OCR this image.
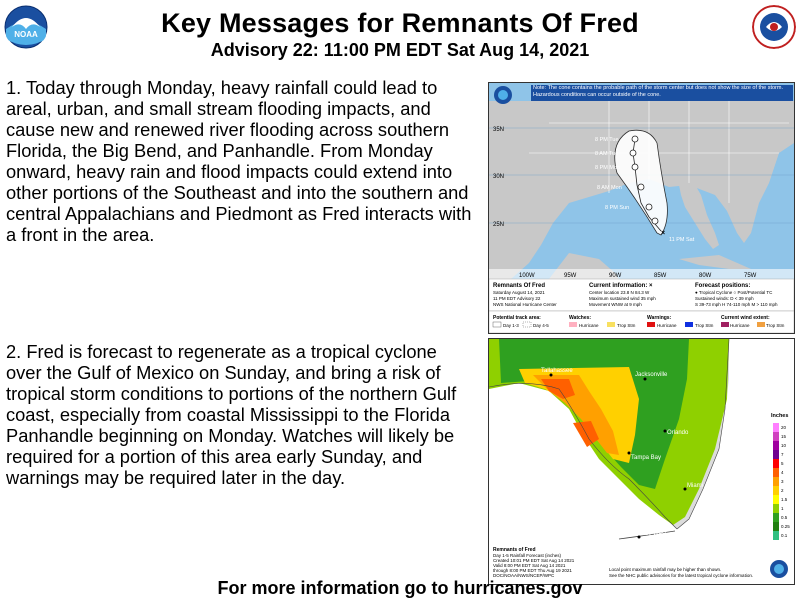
NOAA	Key Messages for Remnants Of Fred
Advisory 22: 11:00 PM EDT Sat Aug 14, 2021
1. Today through Monday, heavy rainfall could lead to areal, urban, and small stream flooding impacts, and cause new and renewed river flooding across southern Florida, the Big Bend, and Panhandle. From Monday onward, heavy rain and flood impacts could extend into other portions of the Southeast and into the southern and central Appalachians and Piedmont as Fred interacts with a front in the area.
2. Fred is forecast to regenerate as a tropical cyclone over the Gulf of Mexico on Sunday, and bring a risk of tropical storm conditions to portions of the northern Gulf coast, especially from coastal Mississippi to the Florida Panhandle beginning on Monday. Watches will likely be required for a portion of this area early Sunday, and warnings may be required later in the day.
Note: The cone contains the probable path of the storm center but does not show the size of the storm. Hazardous conditions can occur outside of the cone.
35N
30N
25N
100W	95W	90W	85W	80W	75W
×
8 PM Tue
8 AM Tue
8 PM Mon
8 AM Mon
8 PM Sun
11 PM Sat
Remnants Of Fred
Saturday August 14, 2021
11 PM EDT Advisory 22
NWS National Hurricane Center
Current information: ×
Center location 23.8 N 84.3 W
Maximum sustained wind 35 mph
Movement WNW at 9 mph
Forecast positions:
● Tropical Cyclone ○ Post/Potential TC
Sustained winds: D < 39 mph
S 39-73 mph H 74-110 mph M > 110 mph
Potential track area:
Day 1-3	Day 4-5
Watches:
Hurricane	Trop Stm
Warnings:
Hurricane	Trop Stm
Current wind extent:
Hurricane	Trop Stm
Tallahassee
Jacksonville
Orlando
Tampa Bay
Miami
Key West
Inches
20
15
10
7
5
4
3
2
1.5
1
0.5
0.25
0.1
Remnants of Fred
Day 1-5 Rainfall Forecast (inches)
Created 10:01 PM EDT Sat Aug 14 2021
Valid 8:00 PM EDT Sat Aug 14 2021
through 8:00 PM EDT Thu Aug 19 2021
DOC/NOAA/NWS/NCEP/WPC
Local point maximum rainfall may be higher than shown.
See the NHC public advisories for the latest tropical cyclone information.
For more information go to hurricanes.gov
